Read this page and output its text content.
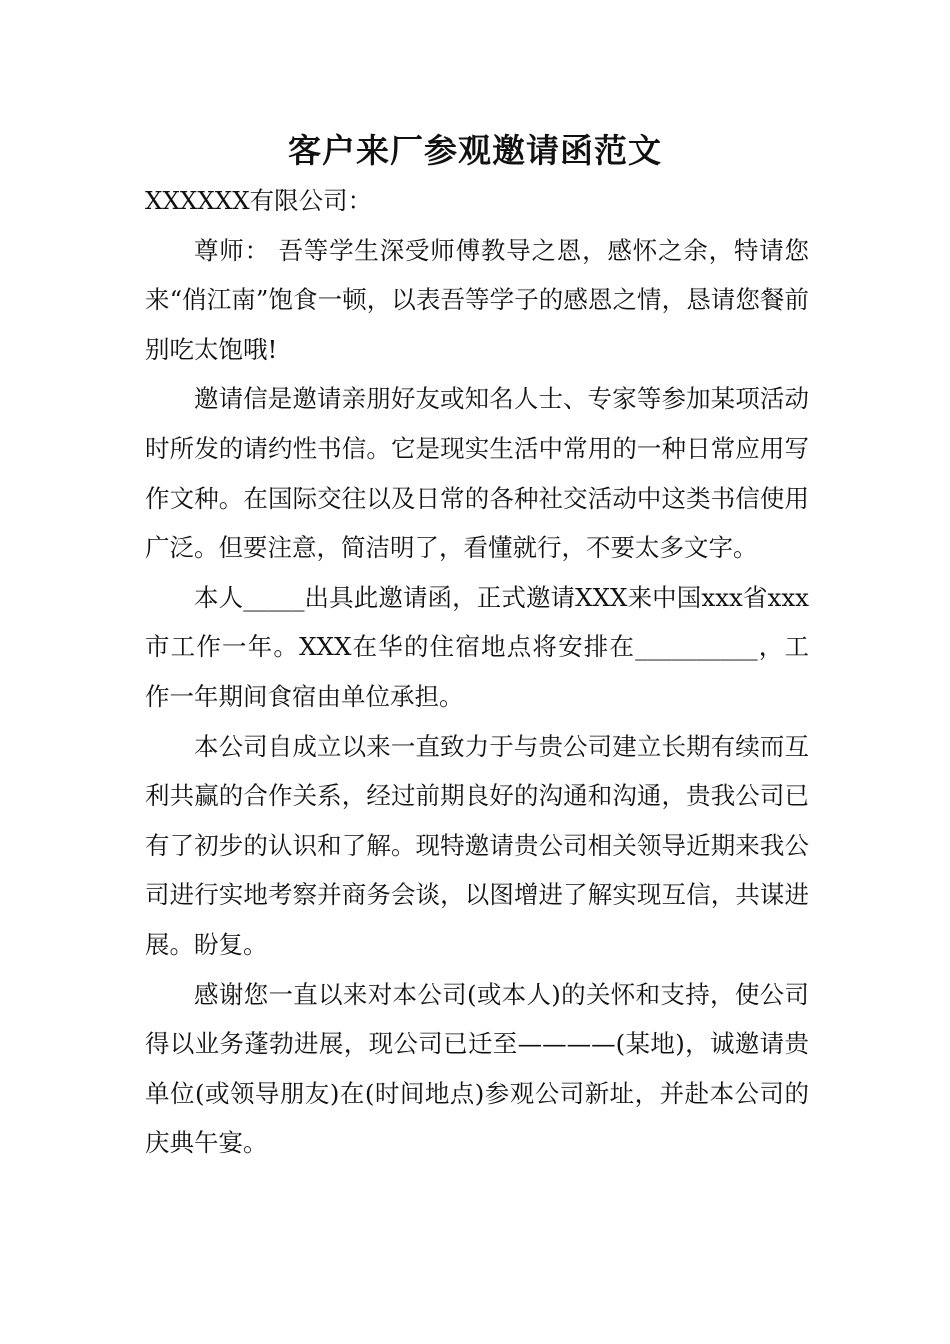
客户来厂参观邀请函范文

XXXXXX有限公司：

尊师： 吾等学生深受师傅教导之恩，感怀之余，特请您来“俏江南”饱食一顿，以表吾等学子的感恩之情，恳请您餐前别吃太饱哦!

邀请信是邀请亲朋好友或知名人士、专家等参加某项活动时所发的请约性书信。它是现实生活中常用的一种日常应用写作文种。在国际交往以及日常的各种社交活动中这类书信使用广泛。但要注意，简洁明了，看懂就行，不要太多文字。

本人_____出具此邀请函，正式邀请XXX来中国xxx省xxx市工作一年。XXX在华的住宿地点将安排在__________，工作一年期间食宿由单位承担。

本公司自成立以来一直致力于与贵公司建立长期有续而互利共赢的合作关系，经过前期良好的沟通和沟通，贵我公司已有了初步的认识和了解。现特邀请贵公司相关领导近期来我公司进行实地考察并商务会谈，以图增进了解实现互信，共谋进展。盼复。

感谢您一直以来对本公司(或本人)的关怀和支持，使公司得以业务蓬勃进展，现公司已迁至————(某地)，诚邀请贵单位(或领导朋友)在(时间地点)参观公司新址，并赴本公司的庆典午宴。
